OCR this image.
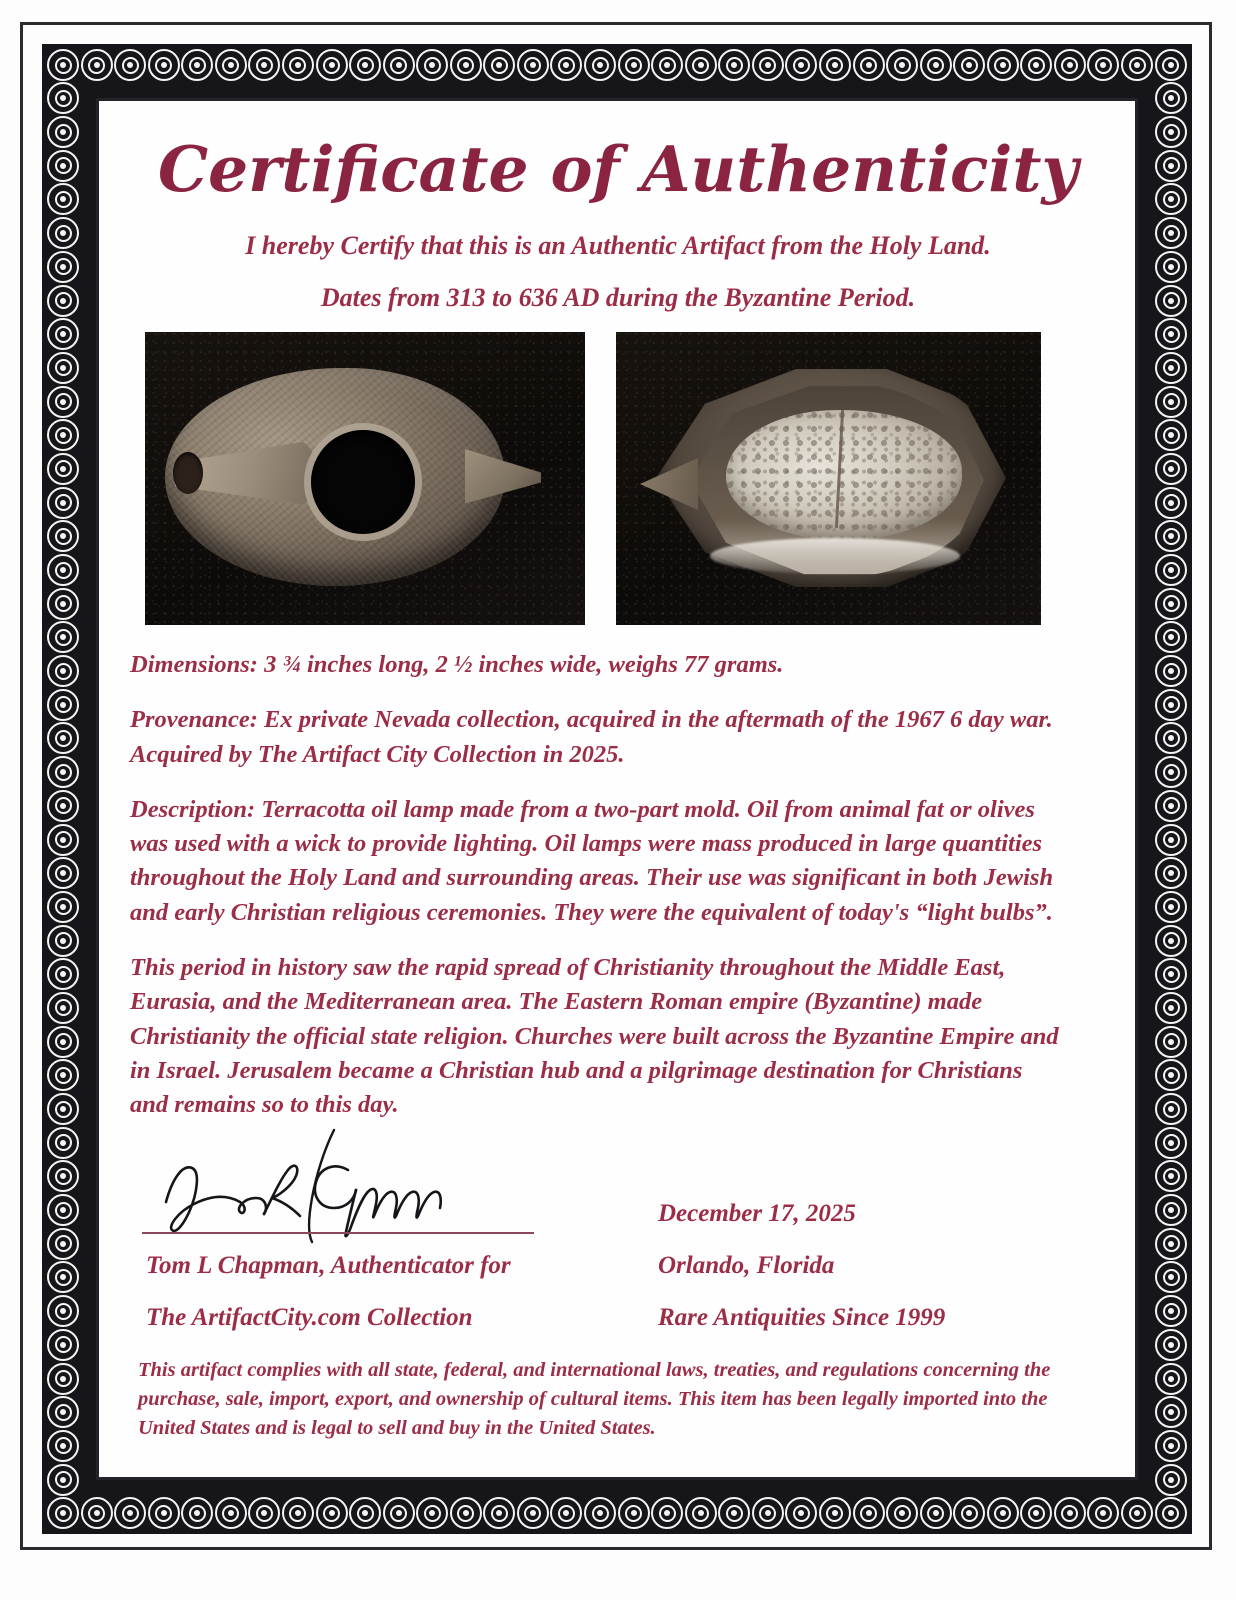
Certificate of Authenticity
I hereby Certify that this is an Authentic Artifact from the Holy Land.
Dates from 313 to 636 AD during the Byzantine Period.

Dimensions: 3 ¾ inches long, 2 ½ inches wide, weighs 77 grams.

Provenance: Ex private Nevada collection, acquired in the aftermath of the 1967 6 day war. Acquired by The Artifact City Collection in 2025.

Description: Terracotta oil lamp made from a two-part mold. Oil from animal fat or olives was used with a wick to provide lighting. Oil lamps were mass produced in large quantities throughout the Holy Land and surrounding areas. Their use was significant in both Jewish and early Christian religious ceremonies. They were the equivalent of today's “light bulbs”.

This period in history saw the rapid spread of Christianity throughout the Middle East, Eurasia, and the Mediterranean area. The Eastern Roman empire (Byzantine) made Christianity the official state religion. Churches were built across the Byzantine Empire and in Israel. Jerusalem became a Christian hub and a pilgrimage destination for Christians and remains so to this day.

Tom L Chapman, Authenticator for
The ArtifactCity.com Collection
December 17, 2025
Orlando, Florida
Rare Antiquities Since 1999

This artifact complies with all state, federal, and international laws, treaties, and regulations concerning the purchase, sale, import, export, and ownership of cultural items. This item has been legally imported into the United States and is legal to sell and buy in the United States.
